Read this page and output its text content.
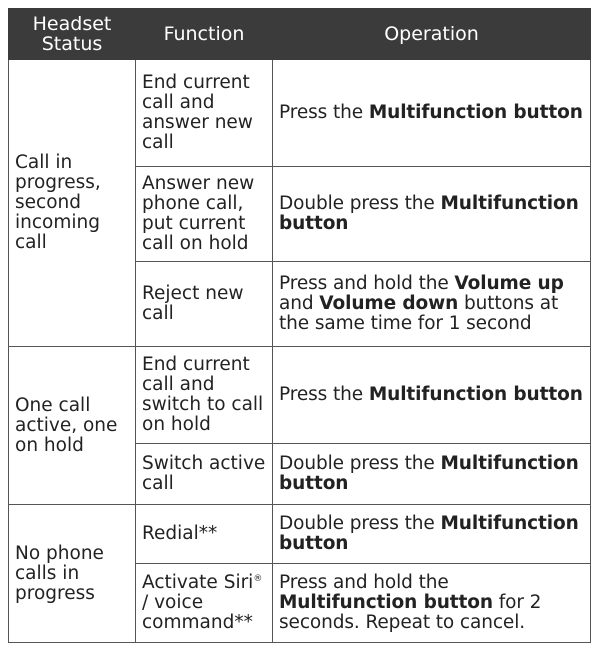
Headset Status	Function	Operation
Call in progress, second incoming call	End current call and answer new call	Press the Multifunction button
	Answer new phone call, put current call on hold	Double press the Multifunction button
	Reject new call	Press and hold the Volume up and Volume down buttons at the same time for 1 second
One call active, one on hold	End current call and switch to call on hold	Press the Multifunction button
	Switch active call	Double press the Multifunction button
No phone calls in progress	Redial**	Double press the Multifunction button
	Activate Siri® / voice command**	Press and hold the Multifunction button for 2 seconds. Repeat to cancel.
